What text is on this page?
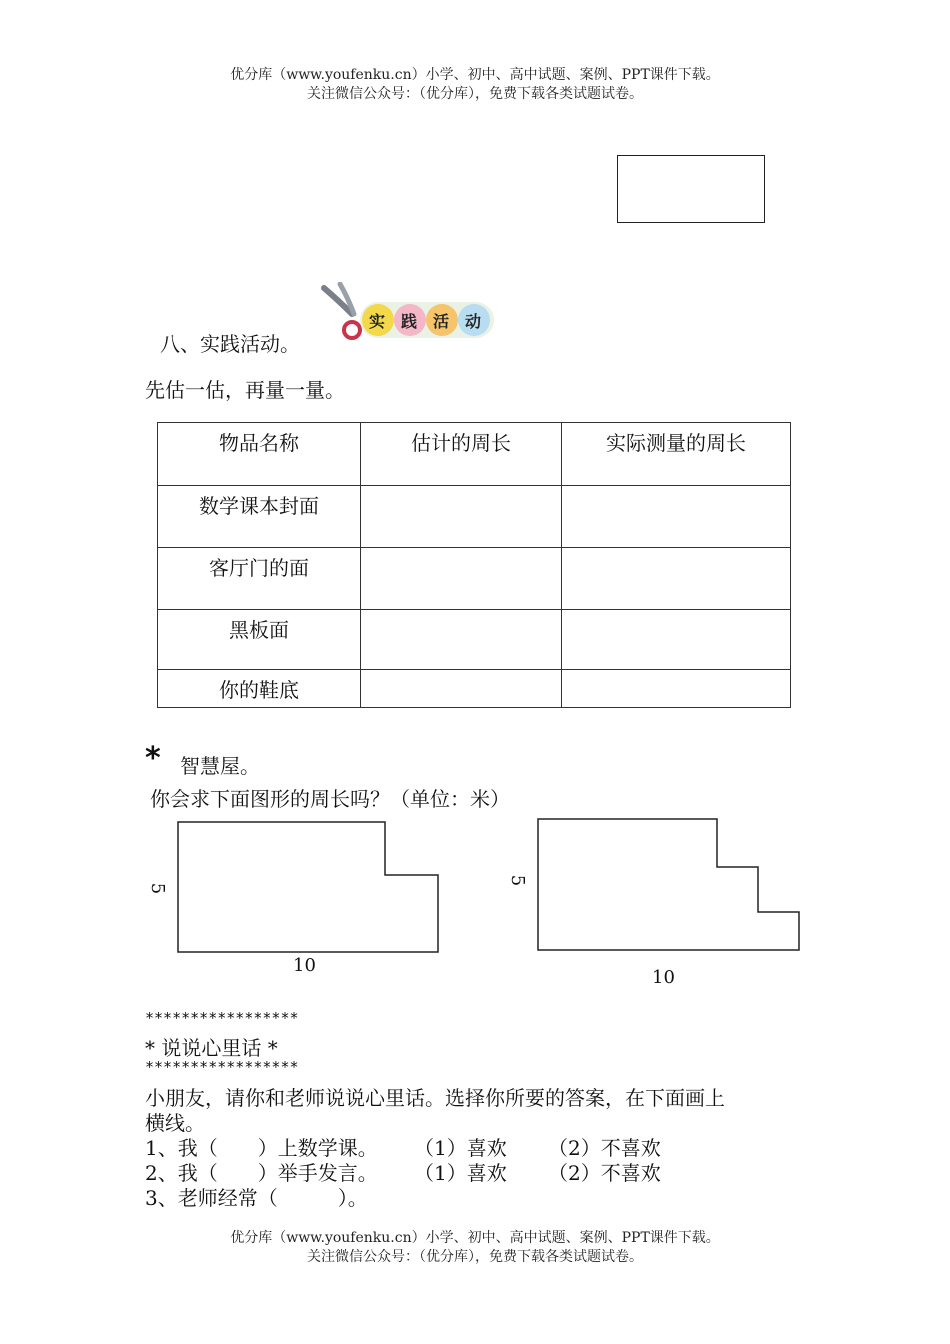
优分库（www.youfenku.cn）小学、初中、高中试题、案例、PPT课件下载。
关注微信公众号：（优分库），免费下载各类试题试卷。
八、实践活动。
实 践 活 动
先估一估，再量一量。
物品名称	估计的周长	实际测量的周长
数学课本封面		
客厅门的面		
黑板面		
你的鞋底		
* 智慧屋。
你会求下面图形的周长吗？（单位：米）
5
10
5
10
*****************
* 说说心里话 *
*****************
小朋友，请你和老师说说心里话。选择你所要的答案，在下面画上
横线。
1、我（　　）上数学课。 （1）喜欢 （2）不喜欢
2、我（　　）举手发言。 （1）喜欢 （2）不喜欢
3、老师经常（　　　）。
优分库（www.youfenku.cn）小学、初中、高中试题、案例、PPT课件下载。
关注微信公众号：（优分库），免费下载各类试题试卷。
